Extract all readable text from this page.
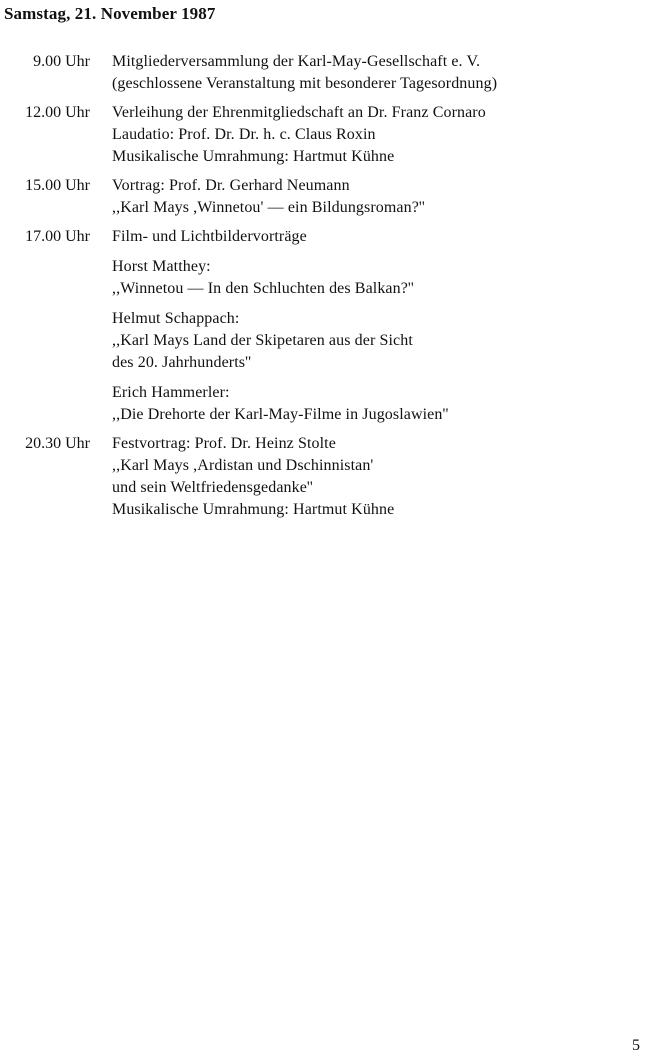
Samstag, 21. November 1987
9.00 Uhr Mitgliederversammlung der Karl-May-Gesellschaft e. V.
(geschlossene Veranstaltung mit besonderer Tagesordnung)
12.00 Uhr Verleihung der Ehrenmitgliedschaft an Dr. Franz Cornaro
Laudatio: Prof. Dr. Dr. h. c. Claus Roxin
Musikalische Umrahmung: Hartmut Kühne
15.00 Uhr Vortrag: Prof. Dr. Gerhard Neumann
,,Karl Mays ,Winnetou' — ein Bildungsroman?''
17.00 Uhr Film- und Lichtbildervorträge
Horst Matthey:
,,Winnetou — In den Schluchten des Balkan?''
Helmut Schappach:
,,Karl Mays Land der Skipetaren aus der Sicht
des 20. Jahrhunderts''
Erich Hammerler:
,,Die Drehorte der Karl-May-Filme in Jugoslawien''
20.30 Uhr Festvortrag: Prof. Dr. Heinz Stolte
,,Karl Mays ,Ardistan und Dschinnistan'
und sein Weltfriedensgedanke''
Musikalische Umrahmung: Hartmut Kühne
5
